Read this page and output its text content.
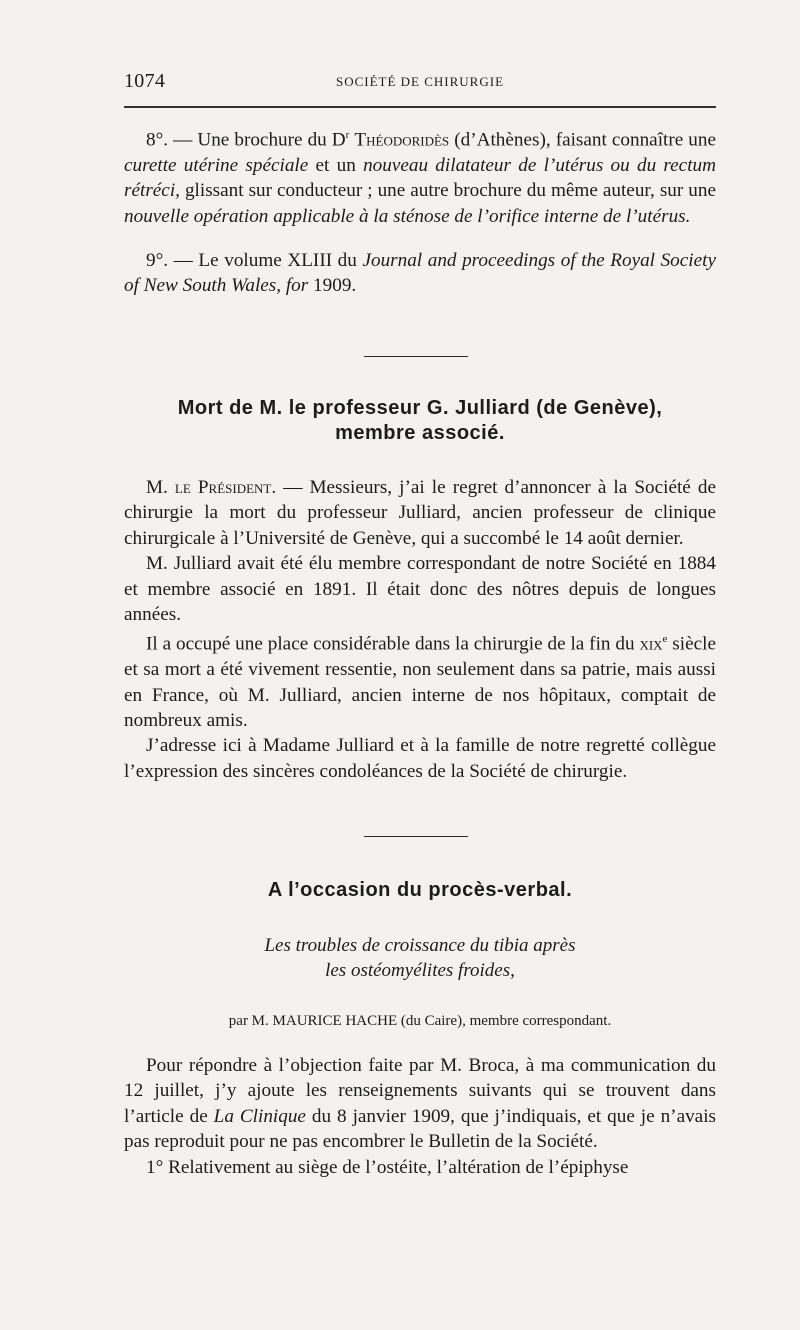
1074	SOCIÉTÉ DE CHIRURGIE

8°. — Une brochure du $D^r$ Théodoridès (d’Athènes), faisant connaître une curette utérine spéciale et un nouveau dilatateur de l’utérus ou du rectum rétréci, glissant sur conducteur ; une autre brochure du même auteur, sur une nouvelle opération applicable à la sténose de l’orifice interne de l’utérus.

9°. — Le volume XLIII du Journal and proceedings of the Royal Society of New South Wales, for 1909.

Mort de M. le professeur G. Julliard (de Genève),
membre associé.

M. le Président. — Messieurs, j’ai le regret d’annoncer à la Société de chirurgie la mort du professeur Julliard, ancien professeur de clinique chirurgicale à l’Université de Genève, qui a succombé le 14 août dernier.

M. Julliard avait été élu membre correspondant de notre Société en 1884 et membre associé en 1891. Il était donc des nôtres depuis de longues années.

Il a occupé une place considérable dans la chirurgie de la fin du xix$^e$ siècle et sa mort a été vivement ressentie, non seulement dans sa patrie, mais aussi en France, où M. Julliard, ancien interne de nos hôpitaux, comptait de nombreux amis.

J’adresse ici à Madame Julliard et à la famille de notre regretté collègue l’expression des sincères condoléances de la Société de chirurgie.

A l’occasion du procès-verbal.
Les troubles de croissance du tibia après
les ostéomyélites froides,
par M. MAURICE HACHE (du Caire), membre correspondant.

Pour répondre à l’objection faite par M. Broca, à ma communication du 12 juillet, j’y ajoute les renseignements suivants qui se trouvent dans l’article de La Clinique du 8 janvier 1909, que j’indiquais, et que je n’avais pas reproduit pour ne pas encombrer le Bulletin de la Société.

1° Relativement au siège de l’ostéite, l’altération de l’épiphyse
